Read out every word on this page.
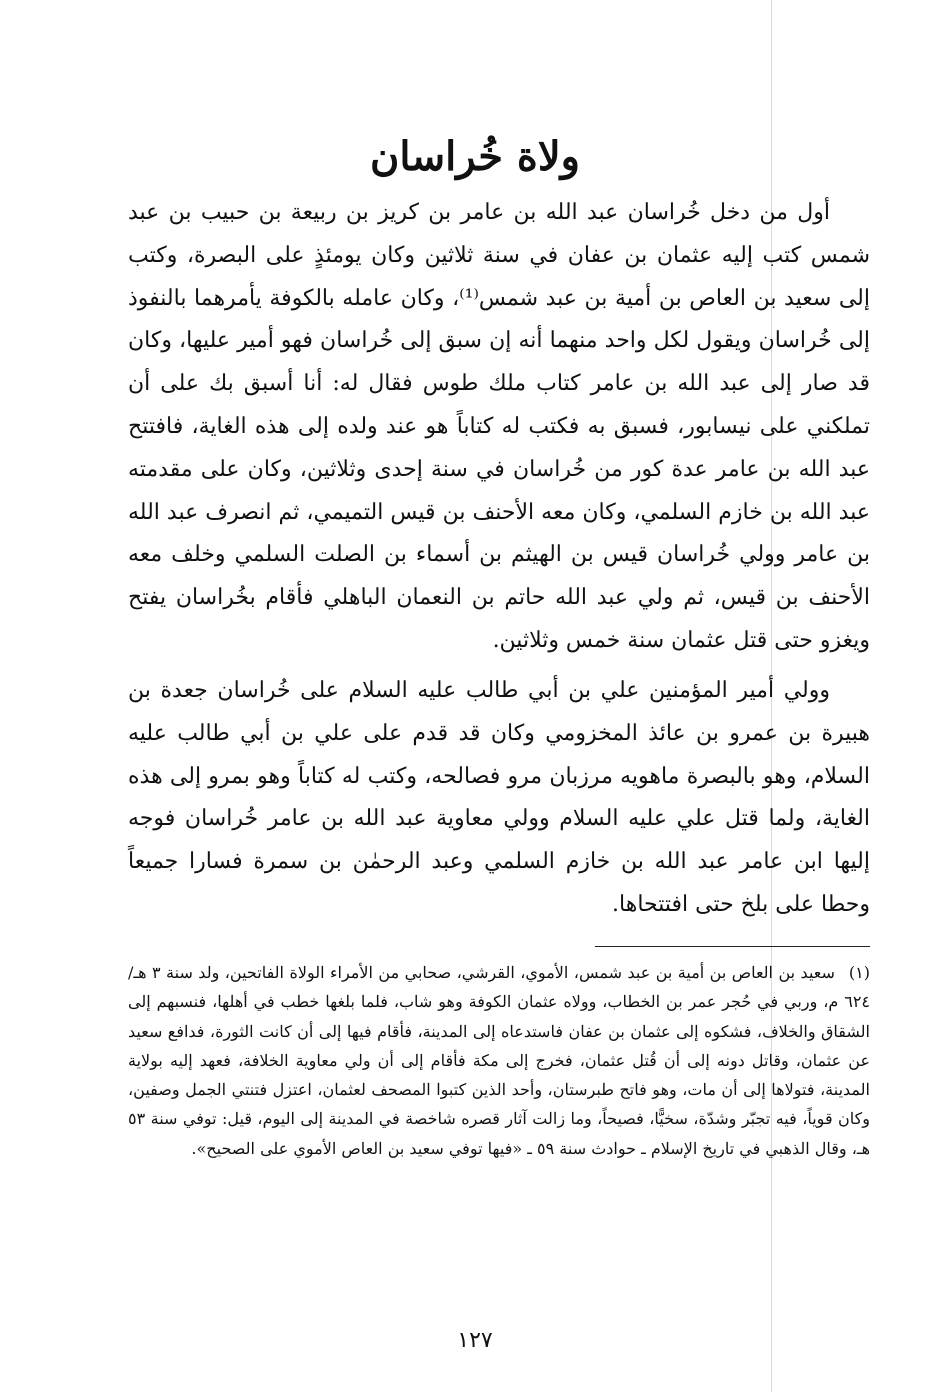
ولاة خُراسان

أول من دخل خُراسان عبد الله بن عامر بن كريز بن ربيعة بن حبيب بن عبد شمس كتب إليه عثمان بن عفان في سنة ثلاثين وكان يومئذٍ على البصرة، وكتب إلى سعيد بن العاص بن أمية بن عبد شمس⁽¹⁾، وكان عامله بالكوفة يأمرهما بالنفوذ إلى خُراسان ويقول لكل واحد منهما أنه إن سبق إلى خُراسان فهو أمير عليها، وكان قد صار إلى عبد الله بن عامر كتاب ملك طوس فقال له: أنا أسبق بك على أن تملكني على نيسابور، فسبق به فكتب له كتاباً هو عند ولده إلى هذه الغاية، فافتتح عبد الله بن عامر عدة كور من خُراسان في سنة إحدى وثلاثين، وكان على مقدمته عبد الله بن خازم السلمي، وكان معه الأحنف بن قيس التميمي، ثم انصرف عبد الله بن عامر وولي خُراسان قيس بن الهيثم بن أسماء بن الصلت السلمي وخلف معه الأحنف بن قيس، ثم ولي عبد الله حاتم بن النعمان الباهلي فأقام بخُراسان يفتح ويغزو حتى قتل عثمان سنة خمس وثلاثين.

وولي أمير المؤمنين علي بن أبي طالب عليه السلام على خُراسان جعدة بن هبيرة بن عمرو بن عائذ المخزومي وكان قد قدم على علي بن أبي طالب عليه السلام، وهو بالبصرة ماهويه مرزبان مرو فصالحه، وكتب له كتاباً وهو بمرو إلى هذه الغاية، ولما قتل علي عليه السلام وولي معاوية عبد الله بن عامر خُراسان فوجه إليها ابن عامر عبد الله بن خازم السلمي وعبد الرحمٰن بن سمرة فسارا جميعاً وحطا على بلخ حتى افتتحاها.

(١)سعيد بن العاص بن أمية بن عبد شمس، الأموي، القرشي، صحابي من الأمراء الولاة الفاتحين، ولد سنة ٣ هـ/ ٦٢٤ م، وربي في حُجر عمر بن الخطاب، وولاه عثمان الكوفة وهو شاب، فلما بلغها خطب في أهلها، فنسبهم إلى الشقاق والخلاف، فشكوه إلى عثمان بن عفان فاستدعاه إلى المدينة، فأقام فيها إلى أن كانت الثورة، فدافع سعيد عن عثمان، وقاتل دونه إلى أن قُتل عثمان، فخرج إلى مكة فأقام إلى أن ولي معاوية الخلافة، فعهد إليه بولاية المدينة، فتولاها إلى أن مات، وهو فاتح طبرستان، وأحد الذين كتبوا المصحف لعثمان، اعتزل فتنتي الجمل وصفين، وكان قوياً، فيه تجبّر وشدّة، سخيًّا، فصيحاً، وما زالت آثار قصره شاخصة في المدينة إلى اليوم، قيل: توفي سنة ٥٣ هـ، وقال الذهبي في تاريخ الإسلام ـ حوادث سنة ٥٩ ـ «فيها توفي سعيد بن العاص الأموي على الصحيح».
١٢٧
